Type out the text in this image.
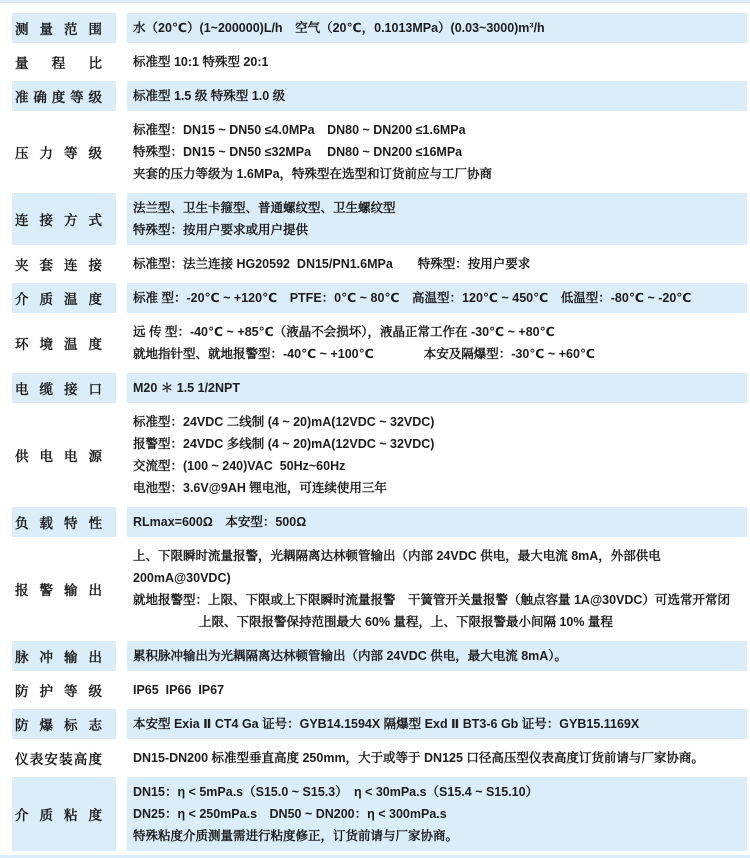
测量范围 水（20℃）(1~200000)L/h　空气（20℃，0.1013MPa）(0.03~3000)m³/h
量程比 标准型 10:1 特殊型 20:1
准确度等级 标准型 1.5 级 特殊型 1.0 级
压力等级
标准型：DN15 ~ DN50 ≤4.0MPa　DN80 ~ DN200 ≤1.6MPa
特殊型：DN15 ~ DN50 ≤32MPa　 DN80 ~ DN200 ≤16MPa
夹套的压力等级为 1.6MPa，特殊型在选型和订货前应与工厂协商
连接方式
法兰型、卫生卡箍型、普通螺纹型、卫生螺纹型
特殊型：按用户要求或用户提供
夹套连接 标准型：法兰连接 HG20592  DN15/PN1.6MPa　　特殊型：按用户要求
介质温度 标准 型：-20℃ ~ +120℃　PTFE：0℃ ~ 80℃　高温型：120℃ ~ 450℃　低温型：-80℃ ~ -20℃
环境温度
远 传 型：-40℃ ~ +85℃（液晶不会损坏），液晶正常工作在 -30℃ ~ +80℃
就地指针型、就地报警型：-40℃ ~ +100℃　　　　本安及隔爆型：-30℃ ~ +60℃
电缆接口 M20 ＊ 1.5 1/2NPT
供电电源
标准型：24VDC 二线制 (4 ~ 20)mA(12VDC ~ 32VDC)
报警型：24VDC 多线制 (4 ~ 20)mA(12VDC ~ 32VDC)
交流型：(100 ~ 240)VAC  50Hz~60Hz
电池型：3.6V@9AH 锂电池，可连续使用三年
负载特性 RLmax=600Ω　本安型：500Ω
报警输出
上、下限瞬时流量报警，光耦隔离达林顿管输出（内部 24VDC 供电，最大电流 8mA，外部供电 200mA@30VDC)
就地报警型：上限、下限或上下限瞬时流量报警　干簧管开关量报警（触点容量 1A@30VDC）可选常开常闭
上限、下限报警保持范围最大 60% 量程，上、下限报警最小间隔 10% 量程
脉冲输出 累积脉冲输出为光耦隔离达林顿管输出（内部 24VDC 供电，最大电流 8mA）。
防护等级 IP65  IP66  IP67
防爆标志 本安型 Exia Ⅱ CT4 Ga 证号：GYB14.1594X 隔爆型 Exd Ⅱ BT3-6 Gb 证号：GYB15.1169X
仪表安装高度 DN15-DN200 标准型垂直高度 250mm，大于或等于 DN125 口径高压型仪表高度订货前请与厂家协商。
介质粘度
DN15：η < 5mPa.s（S15.0 ~ S15.3）　η < 30mPa.s（S15.4 ~ S15.10）
DN25：η < 250mPa.s　DN50 ~ DN200：η < 300mPa.s
特殊粘度介质测量需进行粘度修正，订货前请与厂家协商。
